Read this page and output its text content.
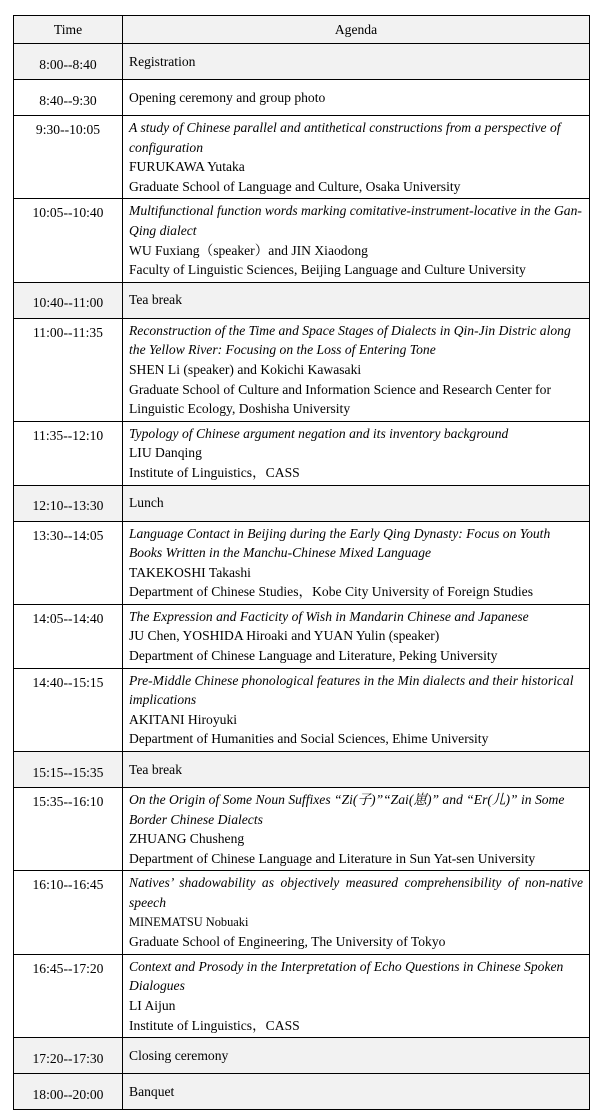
Time	Agenda
8:00--8:40	Registration
8:40--9:30	Opening ceremony and group photo
9:30--10:05	A study of Chinese parallel and antithetical constructions from a perspective of configuration
FURUKAWA Yutaka
Graduate School of Language and Culture, Osaka University

10:05--10:40	Multifunctional function words marking comitative-instrument-locative in the Gan-Qing dialect
WU Fuxiang（speaker）and JIN Xiaodong
Faculty of Linguistic Sciences, Beijing Language and Culture University

10:40--11:00	Tea break
11:00--11:35	Reconstruction of the Time and Space Stages of Dialects in Qin-Jin Distric along the Yellow River: Focusing on the Loss of Entering Tone
SHEN Li (speaker) and Kokichi Kawasaki
Graduate School of Culture and Information Science and Research Center for Linguistic Ecology, Doshisha University

11:35--12:10	Typology of Chinese argument negation and its inventory background
LIU Danqing
Institute of Linguistics，CASS

12:10--13:30	Lunch
13:30--14:05	Language Contact in Beijing during the Early Qing Dynasty: Focus on Youth Books Written in the Manchu-Chinese Mixed Language
TAKEKOSHI Takashi
Department of Chinese Studies，Kobe City University of Foreign Studies

14:05--14:40	The Expression and Facticity of Wish in Mandarin Chinese and Japanese
JU Chen, YOSHIDA Hiroaki and YUAN Yulin (speaker)
Department of Chinese Language and Literature, Peking University

14:40--15:15	Pre-Middle Chinese phonological features in the Min dialects and their historical implications
AKITANI Hiroyuki
Department of Humanities and Social Sciences, Ehime University

15:15--15:35	Tea break
15:35--16:10	On the Origin of Some Noun Suffixes “Zi(子)”“Zai(崽)” and “Er(儿)” in Some Border Chinese Dialects
ZHUANG Chusheng
Department of Chinese Language and Literature in Sun Yat-sen University

16:10--16:45	Natives’ shadowability as objectively measured comprehensibility of non-native speech
MINEMATSU Nobuaki
Graduate School of Engineering, The University of Tokyo

16:45--17:20	Context and Prosody in the Interpretation of Echo Questions in Chinese Spoken Dialogues
LI Aijun
Institute of Linguistics，CASS

17:20--17:30	Closing ceremony
18:00--20:00	Banquet
